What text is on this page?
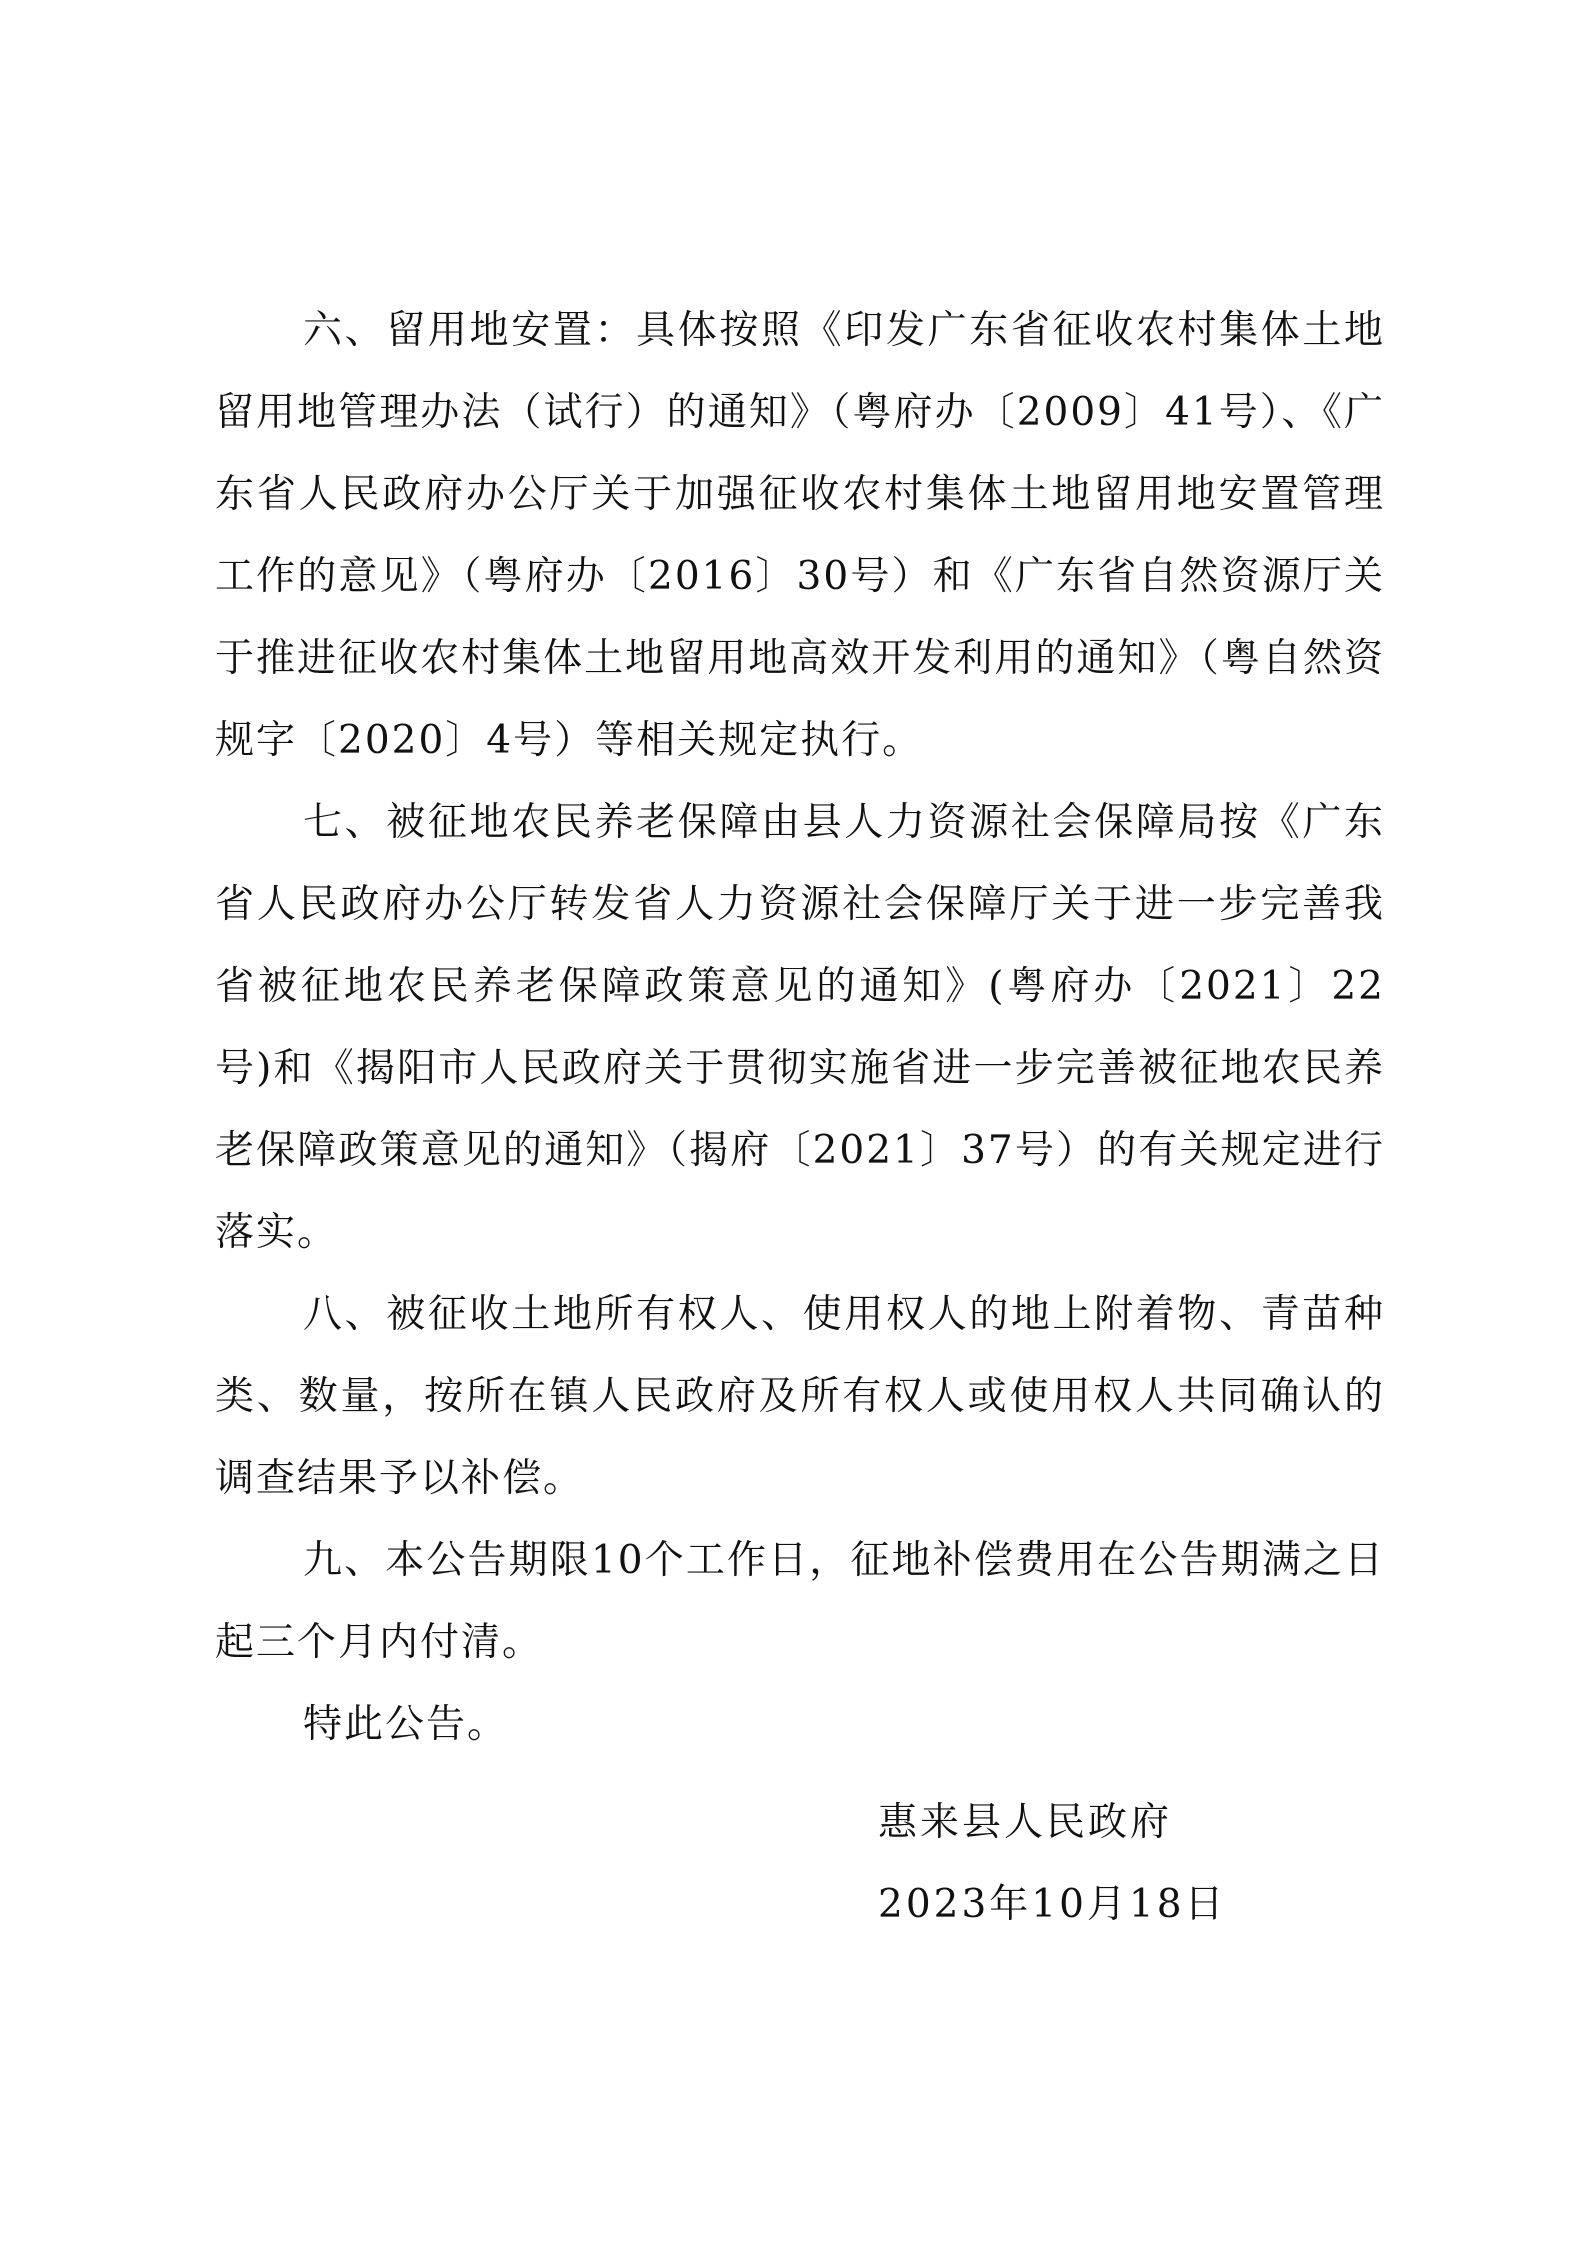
六、留用地安置：具体按照《印发广东省征收农村集体土地留用地管理办法（试行）的通知》（粤府办〔2009〕41号）、《广东省人民政府办公厅关于加强征收农村集体土地留用地安置管理工作的意见》（粤府办〔2016〕30号）和《广东省自然资源厅关于推进征收农村集体土地留用地高效开发利用的通知》（粤自然资规字〔2020〕4号）等相关规定执行。

七、被征地农民养老保障由县人力资源社会保障局按《广东省人民政府办公厅转发省人力资源社会保障厅关于进一步完善我省被征地农民养老保障政策意见的通知》(粤府办〔2021〕22号)和《揭阳市人民政府关于贯彻实施省进一步完善被征地农民养老保障政策意见的通知》（揭府〔2021〕37号）的有关规定进行落实。

八、被征收土地所有权人、使用权人的地上附着物、青苗种类、数量，按所在镇人民政府及所有权人或使用权人共同确认的调查结果予以补偿。

九、本公告期限10个工作日，征地补偿费用在公告期满之日起三个月内付清。

特此公告。

惠来县人民政府
2023年10月18日
